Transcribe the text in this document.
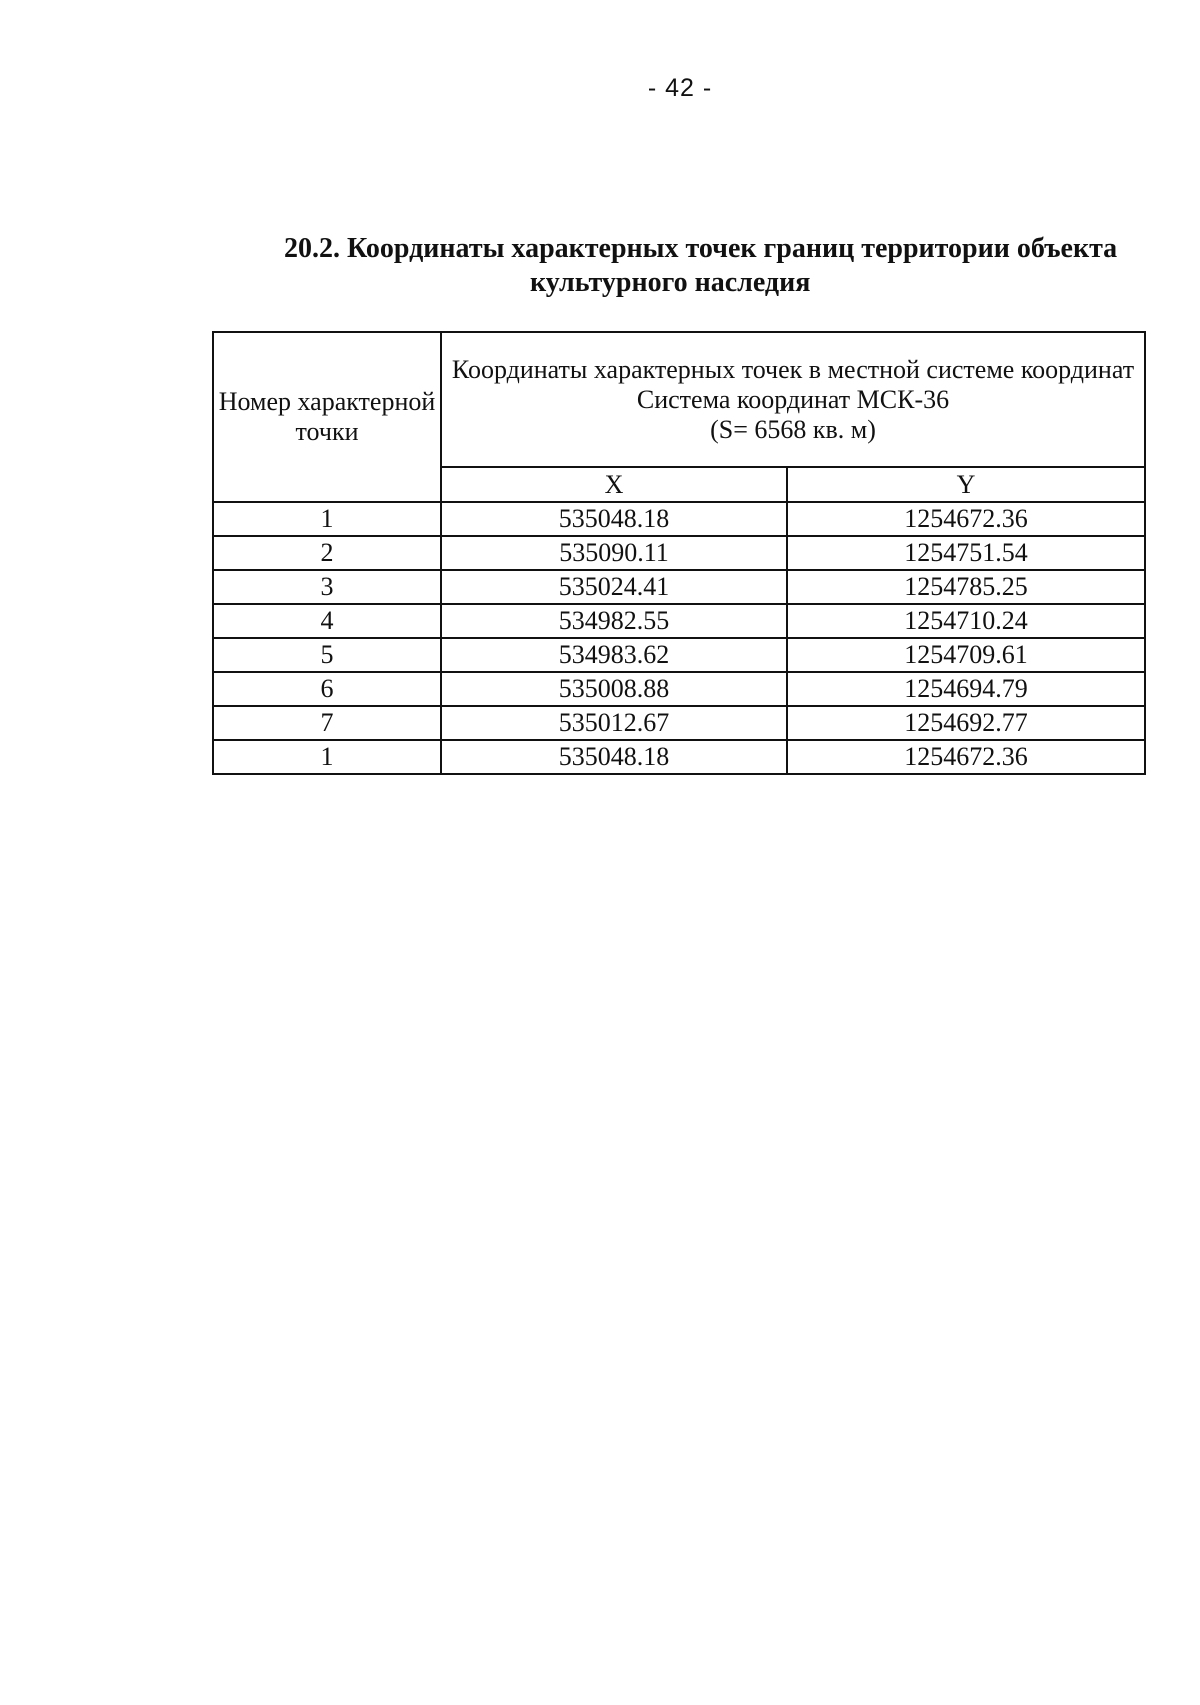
- 42 -
20.2. Координаты характерных точек границ территории объекта
культурного наследия
Номер характерной точки	Координаты характерных точек в местной системе координат
Система координат МСК-36
(S= 6568 кв. м)	

	X	Y
1	535048.18	1254672.36
2	535090.11	1254751.54
3	535024.41	1254785.25
4	534982.55	1254710.24
5	534983.62	1254709.61
6	535008.88	1254694.79
7	535012.67	1254692.77
1	535048.18	1254672.36
